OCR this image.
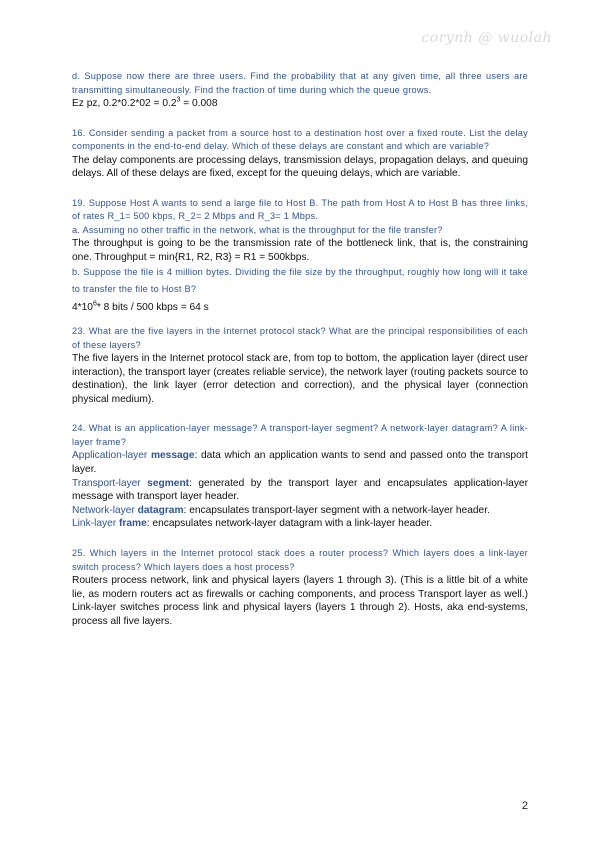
corynh @ wuolah

d. Suppose now there are three users. Find the probability that at any given time, all three users are transmitting simultaneously. Find the fraction of time during which the queue grows.

Ez pz, $0.2*0.2*02 = 0.2^3 = 0.008$

16. Consider sending a packet from a source host to a destination host over a fixed route. List the delay components in the end-to-end delay. Which of these delays are constant and which are variable?

The delay components are processing delays, transmission delays, propagation delays, and queuing delays. All of these delays are fixed, except for the queuing delays, which are variable.

19. Suppose Host A wants to send a large file to Host B. The path from Host A to Host B has three links, of rates R_1= 500 kbps, R_2= 2 Mbps and R_3= 1 Mbps.

a. Assuming no other traffic in the network, what is the throughput for the file transfer?

The throughput is going to be the transmission rate of the bottleneck link, that is, the constraining one. Throughput = min{R1, R2, R3} = R1 = 500kbps.

b. Suppose the file is 4 million bytes. Dividing the file size by the throughput, roughly how long will it take to transfer the file to Host B?

$4*10^6*$ 8 bits / 500 kbps = 64 s

23. What are the five layers in the Internet protocol stack? What are the principal responsibilities of each of these layers?

The five layers in the Internet protocol stack are, from top to bottom, the application layer (direct user interaction), the transport layer (creates reliable service), the network layer (routing packets source to destination), the link layer (error detection and correction), and the physical layer (connection physical medium).

24. What is an application-layer message? A transport-layer segment? A network-layer datagram? A link-layer frame?

Application-layer message: data which an application wants to send and passed onto the transport layer.

Transport-layer segment: generated by the transport layer and encapsulates application-layer message with transport layer header.

Network-layer datagram: encapsulates transport-layer segment with a network-layer header.

Link-layer frame: encapsulates network-layer datagram with a link-layer header.

25. Which layers in the Internet protocol stack does a router process? Which layers does a link-layer switch process? Which layers does a host process?

Routers process network, link and physical layers (layers 1 through 3). (This is a little bit of a white lie, as modern routers act as firewalls or caching components, and process Transport layer as well.) Link-layer switches process link and physical layers (layers 1 through 2). Hosts, aka end-systems, process all five layers.

2
